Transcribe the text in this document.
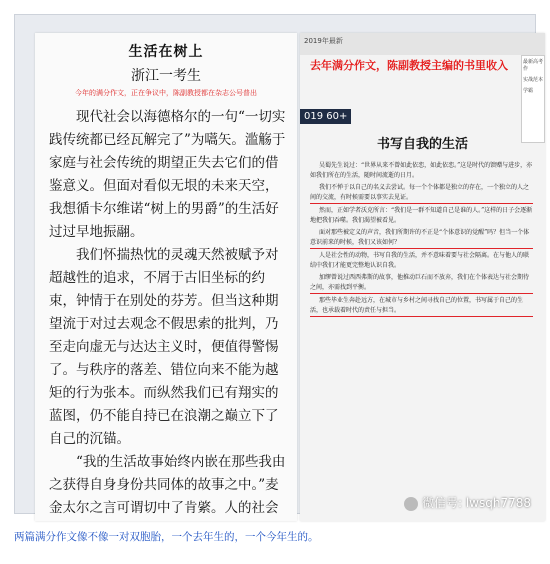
生活在树上
浙江一考生
今年的满分作文，正在争议中，陈副教授都在杂志公号普出

现代社会以海德格尔的一句“一切实践传统都已经瓦解完了”为嚆矢。滥觞于家庭与社会传统的期望正失去它们的借鉴意义。但面对看似无垠的未来天空，我想循卡尔维诺“树上的男爵”的生活好过过早地振翮。

我们怀揣热忱的灵魂天然被赋予对超越性的追求，不屑于古旧坐标的约束，钟情于在别处的芬芳。但当这种期望流于对过去观念不假思索的批判，乃至走向虚无与达达主义时，便值得警惕了。与秩序的落差、错位向来不能为越矩的行为张本。而纵然我们已有翔实的蓝图，仍不能自持已在浪潮之巅立下了自己的沉锚。

“我的生活故事始终内嵌在那些我由之获得自身身份共同体的故事之中。”麦金太尔之言可谓切中了肯綮。人的社会

2019年最新
去年满分作文，陈副教授主编的书里收入	最新高考作
实战范本
学霸
019 60+
书写自我的生活

吴蜀先生说过：“世界从来不曾如此依恋，如此依恋。”这是时代的馈赠与进步，亦如我们所在的生活，随时间流逝的日月。

我们不惮于以自己的名义去尝试。每一个个体都是独立的存在，一个独立的人之间的交流，有时候需要以事实去见证。

然而，正如学者沃克所言：“我们是一群不知道自己是谁的人。”这样的日子会逐渐地把我们吞噬。我们渴望被看见。

面对那些被定义的声音，我们所期许的不正是“个体意识的觉醒”吗？但当一个体意识前来的时候，我们又该如何？

人是社会性的动物，书写自我的生活，并不意味着要与社会隔离。在与他人的联结中我们才能更完整地认识自我。

加缪曾说过西西弗斯的故事，他推动巨石而不放弃，我们在个体表达与社会期待之间，亦需找到平衡。

那些毕业生奔赴远方，在城市与乡村之间寻找自己的位置，书写属于自己的生活，也承载着时代的责任与担当。

微信号: lwsqh7788
两篇满分作文像不像一对双胞胎，一个去年生的，一个今年生的。
